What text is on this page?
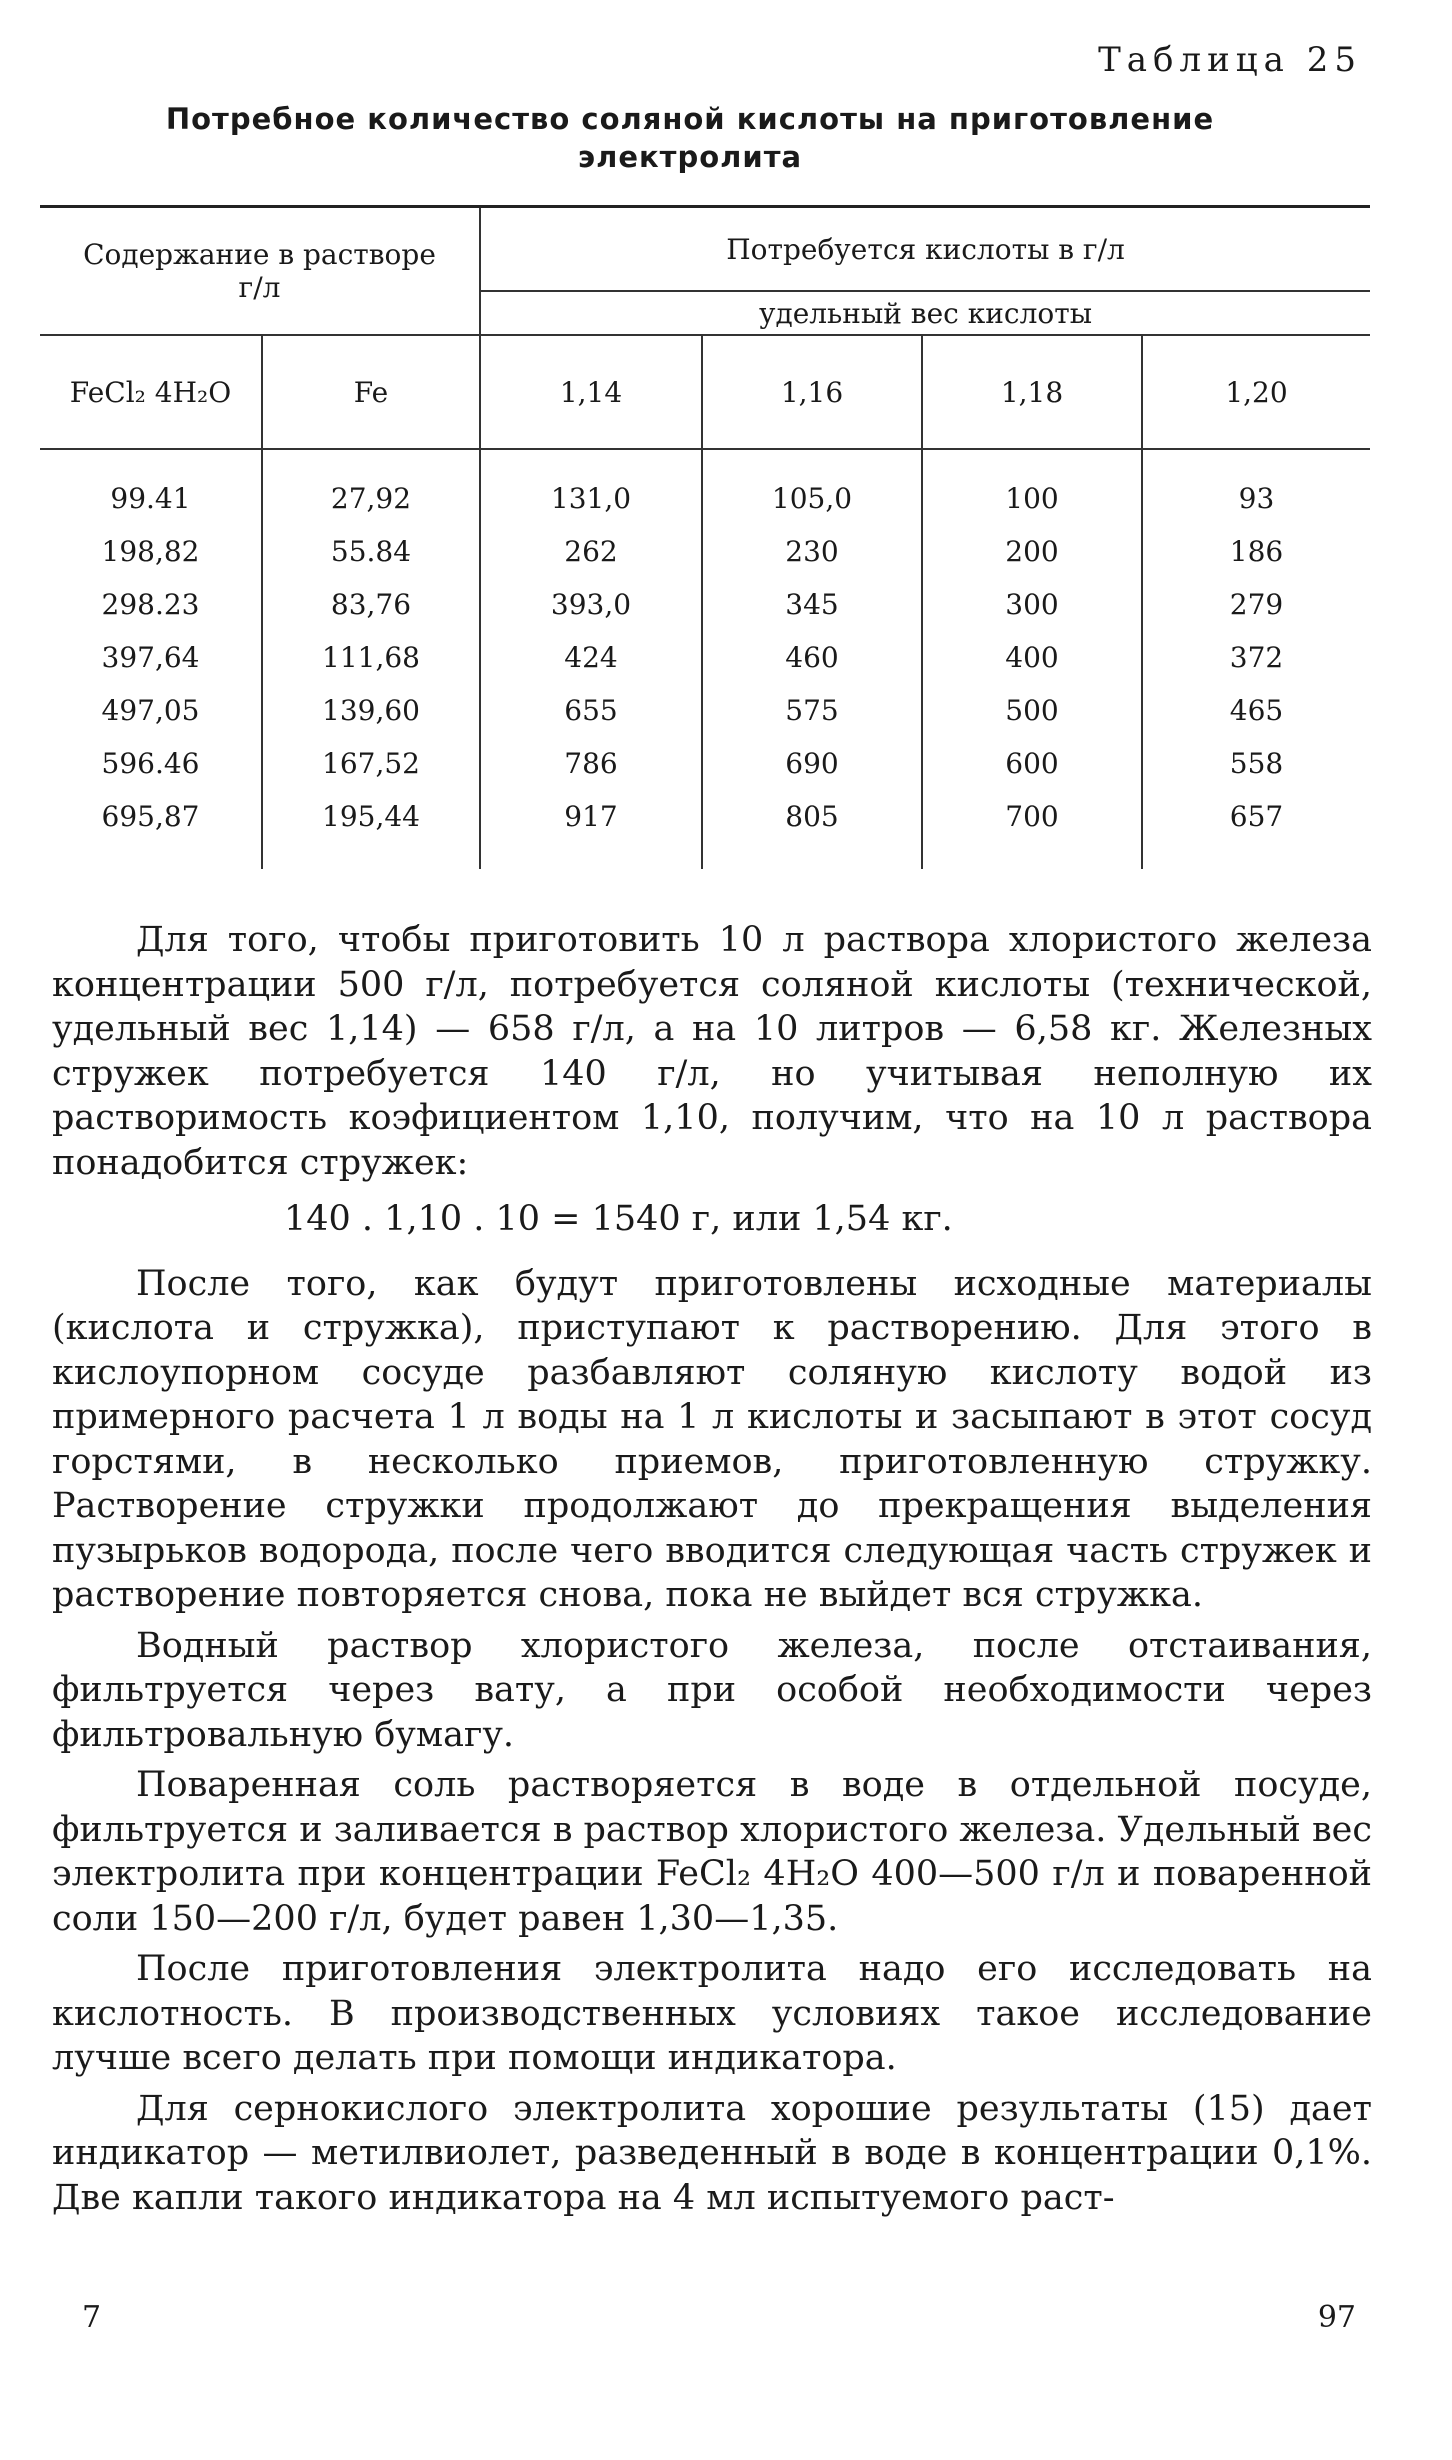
Таблица 25
Потребное количество соляной кислоты на приготовление
электролита
Содержание в растворе г/л		Потребуется кислоты в г/л			
		удельный вес кислоты			
FeCl₂ 4H₂O	Fe	1,14	1,16	1,18	1,20
99.41	27,92	131,0	105,0	100	93
198,82	55.84	262	230	200	186
298.23	83,76	393,0	345	300	279
397,64	111,68	424	460	400	372
497,05	139,60	655	575	500	465
596.46	167,52	786	690	600	558
695,87	195,44	917	805	700	657

Для того, чтобы приготовить 10 л раствора хлористого железа концентрации 500 г/л, потребуется соляной кислоты (технической, удельный вес 1,14) — 658 г/л, а на 10 литров — 6,58 кг. Железных стружек потребуется 140 г/л, но учитывая неполную их растворимость коэфициентом 1,10, получим, что на 10 л раствора понадобится стружек:

140 . 1,10 . 10 = 1540 г, или 1,54 кг.

После того, как будут приготовлены исходные материалы (кислота и стружка), приступают к растворению. Для этого в кислоупорном сосуде разбавляют соляную кислоту водой из примерного расчета 1 л воды на 1 л кислоты и засыпают в этот сосуд горстями, в несколько приемов, приготовленную стружку. Растворение стружки продолжают до прекращения выделения пузырьков водорода, после чего вводится следующая часть стружек и растворение повторяется снова, пока не выйдет вся стружка.

Водный раствор хлористого железа, после отстаивания, фильтруется через вату, а при особой необходимости через фильтровальную бумагу.

Поваренная соль растворяется в воде в отдельной посуде, фильтруется и заливается в раствор хлористого железа. Удельный вес электролита при концентрации FeCl₂ 4H₂O 400—500 г/л и поваренной соли 150—200 г/л, будет равен 1,30—1,35.

После приготовления электролита надо его исследовать на кислотность. В производственных условиях такое исследование лучше всего делать при помощи индикатора.

Для сернокислого электролита хорошие результаты (15) дает индикатор — метилвиолет, разведенный в воде в концентрации 0,1%. Две капли такого индикатора на 4 мл испытуемого раст-

7	97
